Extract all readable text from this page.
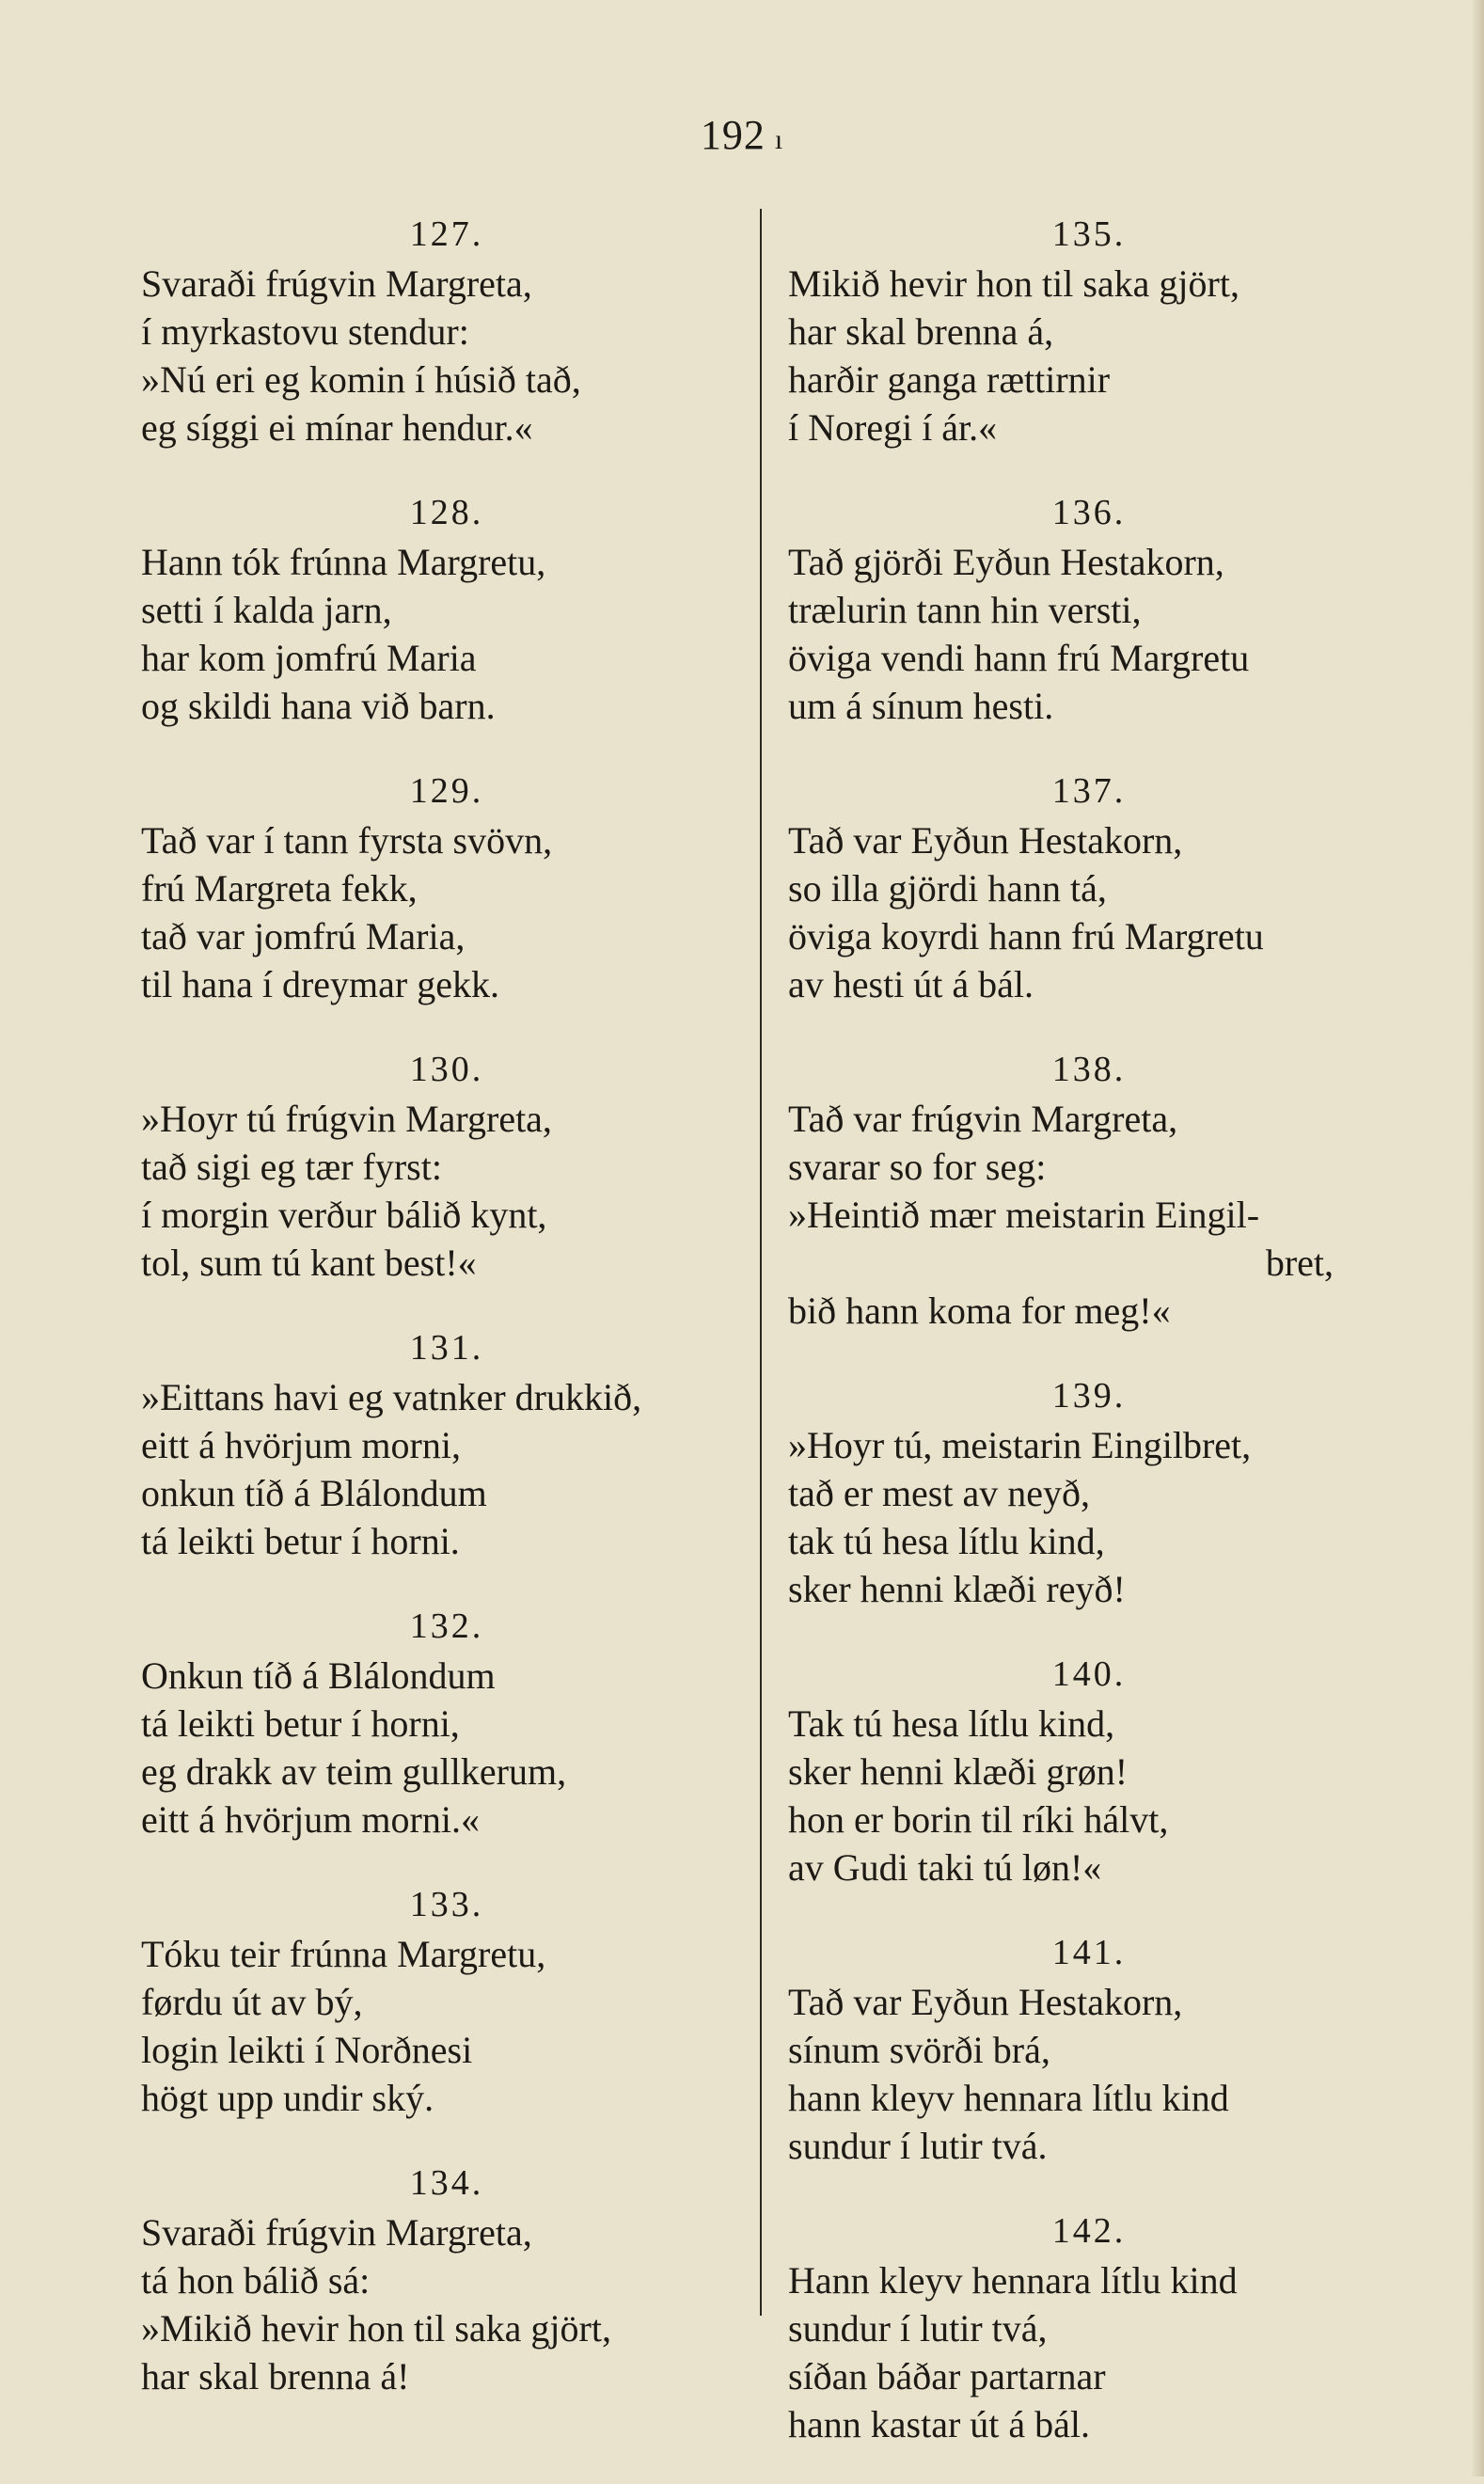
192 ı
127.
Svaraði frúgvin Margreta,
í myrkastovu stendur:
»Nú eri eg komin í húsið tað,
eg síggi ei mínar hendur.«
128.
Hann tók frúnna Margretu,
setti í kalda jarn,
har kom jomfrú Maria
og skildi hana við barn.
129.
Tað var í tann fyrsta svövn,
frú Margreta fekk,
tað var jomfrú Maria,
til hana í dreymar gekk.
130.
»Hoyr tú frúgvin Margreta,
tað sigi eg tær fyrst:
í morgin verður bálið kynt,
tol, sum tú kant best!«
131.
»Eittans havi eg vatnker drukkið,
eitt á hvörjum morni,
onkun tíð á Blálondum
tá leikti betur í horni.
132.
Onkun tíð á Blálondum
tá leikti betur í horni,
eg drakk av teim gullkerum,
eitt á hvörjum morni.«
133.
Tóku teir frúnna Margretu,
førdu út av bý,
login leikti í Norðnesi
högt upp undir ský.
134.
Svaraði frúgvin Margreta,
tá hon bálið sá:
»Mikið hevir hon til saka gjört,
har skal brenna á!
135.
Mikið hevir hon til saka gjört,
har skal brenna á,
harðir ganga rættirnir
í Noregi í ár.«
136.
Tað gjörði Eyðun Hestakorn,
trælurin tann hin versti,
öviga vendi hann frú Margretu
um á sínum hesti.
137.
Tað var Eyðun Hestakorn,
so illa gjördi hann tá,
öviga koyrdi hann frú Margretu
av hesti út á bál.
138.
Tað var frúgvin Margreta,
svarar so for seg:
»Heintið mær meistarin Eingil-
bret,
bið hann koma for meg!«
139.
»Hoyr tú, meistarin Eingilbret,
tað er mest av neyð,
tak tú hesa lítlu kind,
sker henni klæði reyð!
140.
Tak tú hesa lítlu kind,
sker henni klæði grøn!
hon er borin til ríki hálvt,
av Gudi taki tú løn!«
141.
Tað var Eyðun Hestakorn,
sínum svörði brá,
hann kleyv hennara lítlu kind
sundur í lutir tvá.
142.
Hann kleyv hennara lítlu kind
sundur í lutir tvá,
síðan báðar partarnar
hann kastar út á bál.
